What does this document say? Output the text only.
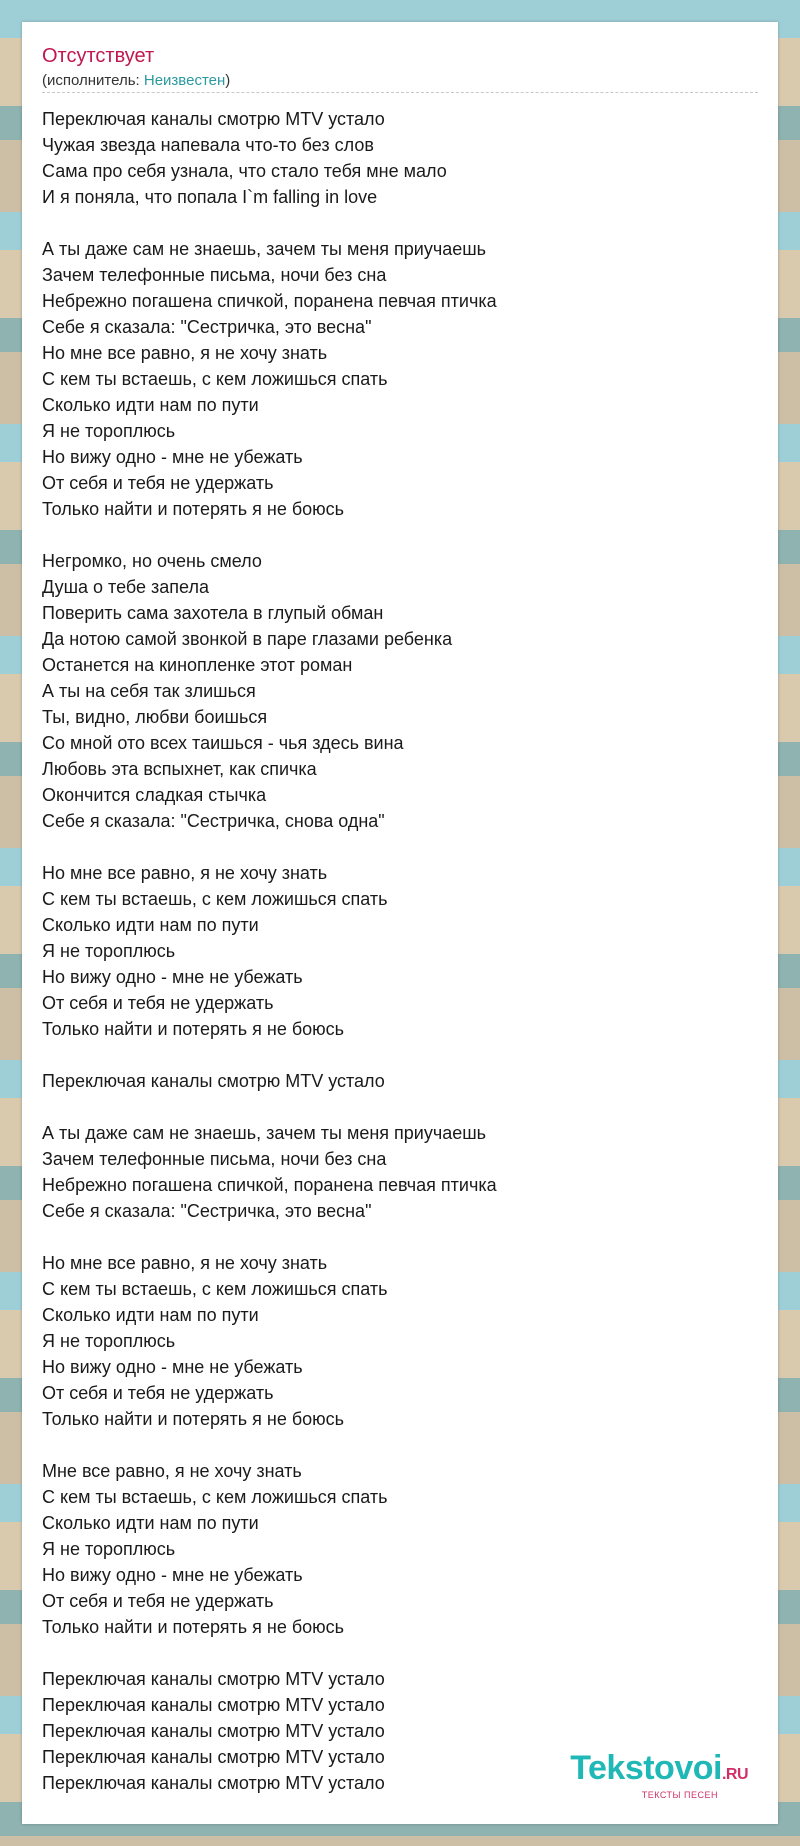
Отсутствует
(исполнитель: Неизвестен)
Переключая каналы смотрю MTV устало
Чужая звезда напевала что-то без слов
Сама про себя узнала, что стало тебя мне мало
И я поняла, что попала I`m falling in love
А ты даже сам не знаешь, зачем ты меня приучаешь
Зачем телефонные письма, ночи без сна
Небрежно погашена спичкой, поранена певчая птичка
Себе я сказала: "Сестричка, это весна"
Но мне все равно, я не хочу знать
С кем ты встаешь, с кем ложишься спать
Сколько идти нам по пути
Я не тороплюсь
Но вижу одно - мне не убежать
От себя и тебя не удержать
Только найти и потерять я не боюсь
Негромко, но очень смело
Душа о тебе запела
Поверить сама захотела в глупый обман
Да нотою самой звонкой в паре глазами ребенка
Останется на кинопленке этот роман
А ты на себя так злишься
Ты, видно, любви боишься
Со мной ото всех таишься - чья здесь вина
Любовь эта вспыхнет, как спичка
Окончится сладкая стычка
Себе я сказала: "Сестричка, снова одна"
Но мне все равно, я не хочу знать
С кем ты встаешь, с кем ложишься спать
Сколько идти нам по пути
Я не тороплюсь
Но вижу одно - мне не убежать
От себя и тебя не удержать
Только найти и потерять я не боюсь
Переключая каналы смотрю MTV устало
А ты даже сам не знаешь, зачем ты меня приучаешь
Зачем телефонные письма, ночи без сна
Небрежно погашена спичкой, поранена певчая птичка
Себе я сказала: "Сестричка, это весна"
Но мне все равно, я не хочу знать
С кем ты встаешь, с кем ложишься спать
Сколько идти нам по пути
Я не тороплюсь
Но вижу одно - мне не убежать
От себя и тебя не удержать
Только найти и потерять я не боюсь
Мне все равно, я не хочу знать
С кем ты встаешь, с кем ложишься спать
Сколько идти нам по пути
Я не тороплюсь
Но вижу одно - мне не убежать
От себя и тебя не удержать
Только найти и потерять я не боюсь
Переключая каналы смотрю MTV устало
Переключая каналы смотрю MTV устало
Переключая каналы смотрю MTV устало
Переключая каналы смотрю MTV устало
Переключая каналы смотрю MTV устало	Tekstovoi.RU
ТЕКСТЫ ПЕСЕН
